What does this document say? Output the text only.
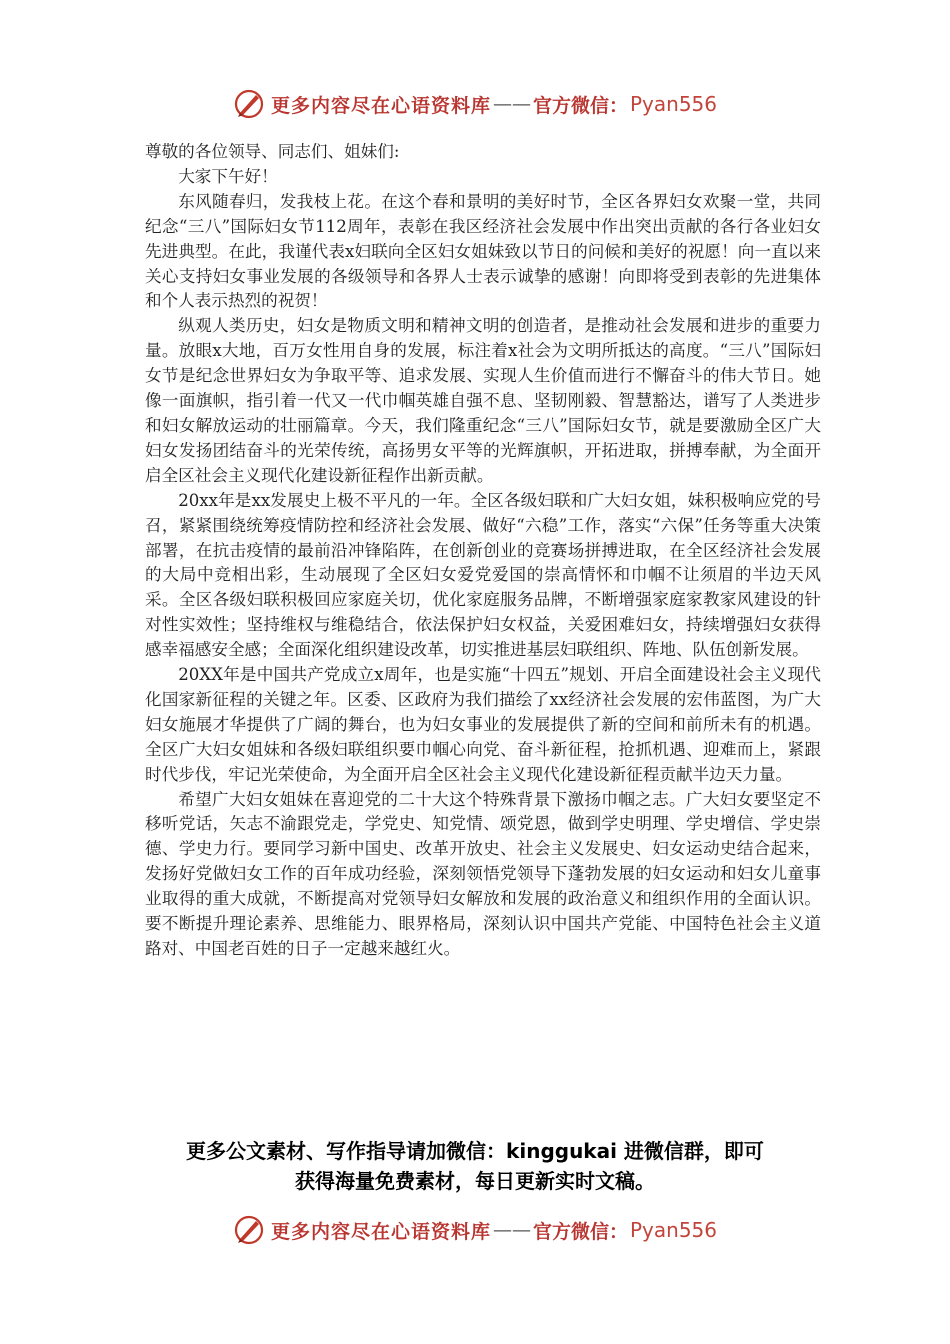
更多内容尽在心语资料库 —— 官方微信： Pyan556

尊敬的各位领导、同志们、姐妹们:

大家下午好！

东风随春归，发我枝上花。在这个春和景明的美好时节，全区各界妇女欢聚一堂，共同纪念“三八”国际妇女节112周年，表彰在我区经济社会发展中作出突出贡献的各行各业妇女先进典型。在此，我谨代表x妇联向全区妇女姐妹致以节日的问候和美好的祝愿！向一直以来关心支持妇女事业发展的各级领导和各界人士表示诚挚的感谢！向即将受到表彰的先进集体和个人表示热烈的祝贺！

纵观人类历史，妇女是物质文明和精神文明的创造者，是推动社会发展和进步的重要力量。放眼x大地，百万女性用自身的发展，标注着x社会为文明所抵达的高度。“三八”国际妇女节是纪念世界妇女为争取平等、追求发展、实现人生价值而进行不懈奋斗的伟大节日。她像一面旗帜，指引着一代又一代巾帼英雄自强不息、坚韧刚毅、智慧豁达，谱写了人类进步和妇女解放运动的壮丽篇章。今天，我们隆重纪念“三八”国际妇女节，就是要激励全区广大妇女发扬团结奋斗的光荣传统，高扬男女平等的光辉旗帜，开拓进取，拼搏奉献，为全面开启全区社会主义现代化建设新征程作出新贡献。

20xx年是xx发展史上极不平凡的一年。全区各级妇联和广大妇女姐，妹积极响应党的号召，紧紧围绕统筹疫情防控和经济社会发展、做好“六稳”工作，落实“六保”任务等重大决策部署，在抗击疫情的最前沿冲锋陷阵，在创新创业的竞赛场拼搏进取，在全区经济社会发展的大局中竞相出彩，生动展现了全区妇女爱党爱国的崇高情怀和巾帼不让须眉的半边天风采。全区各级妇联积极回应家庭关切，优化家庭服务品牌，不断增强家庭家教家风建设的针对性实效性；坚持维权与维稳结合，依法保护妇女权益，关爱困难妇女，持续增强妇女获得感幸福感安全感；全面深化组织建设改革，切实推进基层妇联组织、阵地、队伍创新发展。

20XX年是中国共产党成立x周年，也是实施“十四五”规划、开启全面建设社会主义现代化国家新征程的关键之年。区委、区政府为我们描绘了xx经济社会发展的宏伟蓝图，为广大妇女施展才华提供了广阔的舞台，也为妇女事业的发展提供了新的空间和前所未有的机遇。全区广大妇女姐妹和各级妇联组织要巾帼心向党、奋斗新征程，抢抓机遇、迎难而上，紧跟时代步伐，牢记光荣使命，为全面开启全区社会主义现代化建设新征程贡献半边天力量。

希望广大妇女姐妹在喜迎党的二十大这个特殊背景下激扬巾帼之志。广大妇女要坚定不移听党话，矢志不渝跟党走，学党史、知党情、颂党恩，做到学史明理、学史增信、学史崇德、学史力行。要同学习新中国史、改革开放史、社会主义发展史、妇女运动史结合起来，发扬好党做妇女工作的百年成功经验，深刻领悟党领导下蓬勃发展的妇女运动和妇女儿童事业取得的重大成就，不断提高对党领导妇女解放和发展的政治意义和组织作用的全面认识。要不断提升理论素养、思维能力、眼界格局，深刻认识中国共产党能、中国特色社会主义道路对、中国老百姓的日子一定越来越红火。

更多公文素材、写作指导请加微信：kinggukai 进微信群，即可
获得海量免费素材，每日更新实时文稿。
更多内容尽在心语资料库 —— 官方微信： Pyan556
